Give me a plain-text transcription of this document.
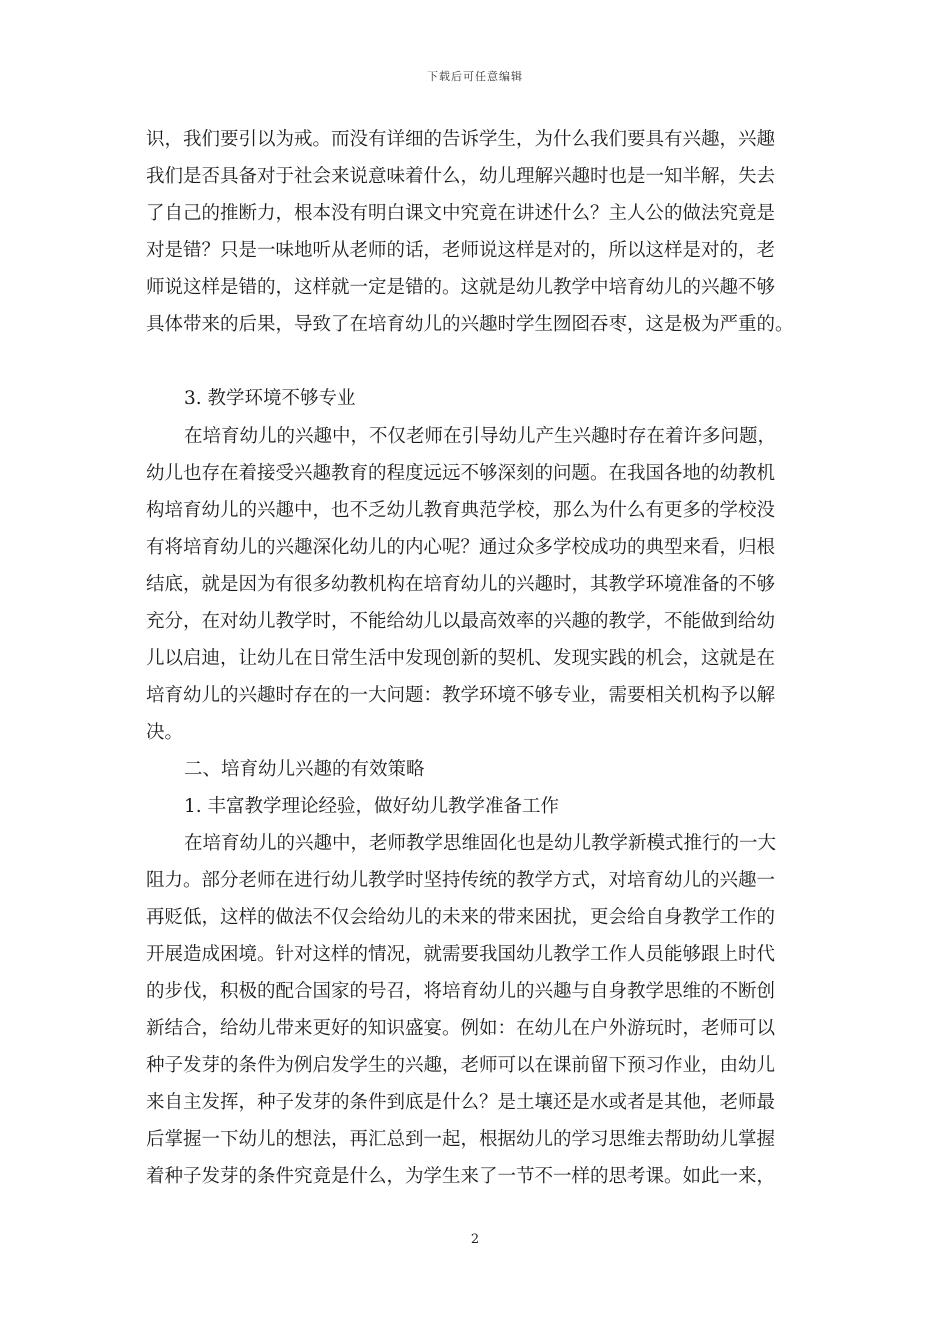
下载后可任意编辑
识，我们要引以为戒。而没有详细的告诉学生，为什么我们要具有兴趣，兴趣
我们是否具备对于社会来说意味着什么，幼儿理解兴趣时也是一知半解，失去
了自己的推断力，根本没有明白课文中究竟在讲述什么？主人公的做法究竟是
对是错？只是一味地听从老师的话，老师说这样是对的，所以这样是对的，老
师说这样是错的，这样就一定是错的。这就是幼儿教学中培育幼儿的兴趣不够
具体带来的后果，导致了在培育幼儿的兴趣时学生囫囵吞枣，这是极为严重的。
3. 教学环境不够专业
在培育幼儿的兴趣中，不仅老师在引导幼儿产生兴趣时存在着许多问题，
幼儿也存在着接受兴趣教育的程度远远不够深刻的问题。在我国各地的幼教机
构培育幼儿的兴趣中，也不乏幼儿教育典范学校，那么为什么有更多的学校没
有将培育幼儿的兴趣深化幼儿的内心呢？通过众多学校成功的典型来看，归根
结底，就是因为有很多幼教机构在培育幼儿的兴趣时，其教学环境准备的不够
充分，在对幼儿教学时，不能给幼儿以最高效率的兴趣的教学，不能做到给幼
儿以启迪，让幼儿在日常生活中发现创新的契机、发现实践的机会，这就是在
培育幼儿的兴趣时存在的一大问题：教学环境不够专业，需要相关机构予以解
决。
二、培育幼儿兴趣的有效策略
1. 丰富教学理论经验，做好幼儿教学准备工作
在培育幼儿的兴趣中，老师教学思维固化也是幼儿教学新模式推行的一大
阻力。部分老师在进行幼儿教学时坚持传统的教学方式，对培育幼儿的兴趣一
再贬低，这样的做法不仅会给幼儿的未来的带来困扰，更会给自身教学工作的
开展造成困境。针对这样的情况，就需要我国幼儿教学工作人员能够跟上时代
的步伐，积极的配合国家的号召，将培育幼儿的兴趣与自身教学思维的不断创
新结合，给幼儿带来更好的知识盛宴。例如：在幼儿在户外游玩时，老师可以
种子发芽的条件为例启发学生的兴趣，老师可以在课前留下预习作业，由幼儿
来自主发挥，种子发芽的条件到底是什么？是土壤还是水或者是其他，老师最
后掌握一下幼儿的想法，再汇总到一起，根据幼儿的学习思维去帮助幼儿掌握
着种子发芽的条件究竟是什么，为学生来了一节不一样的思考课。如此一来，
2
